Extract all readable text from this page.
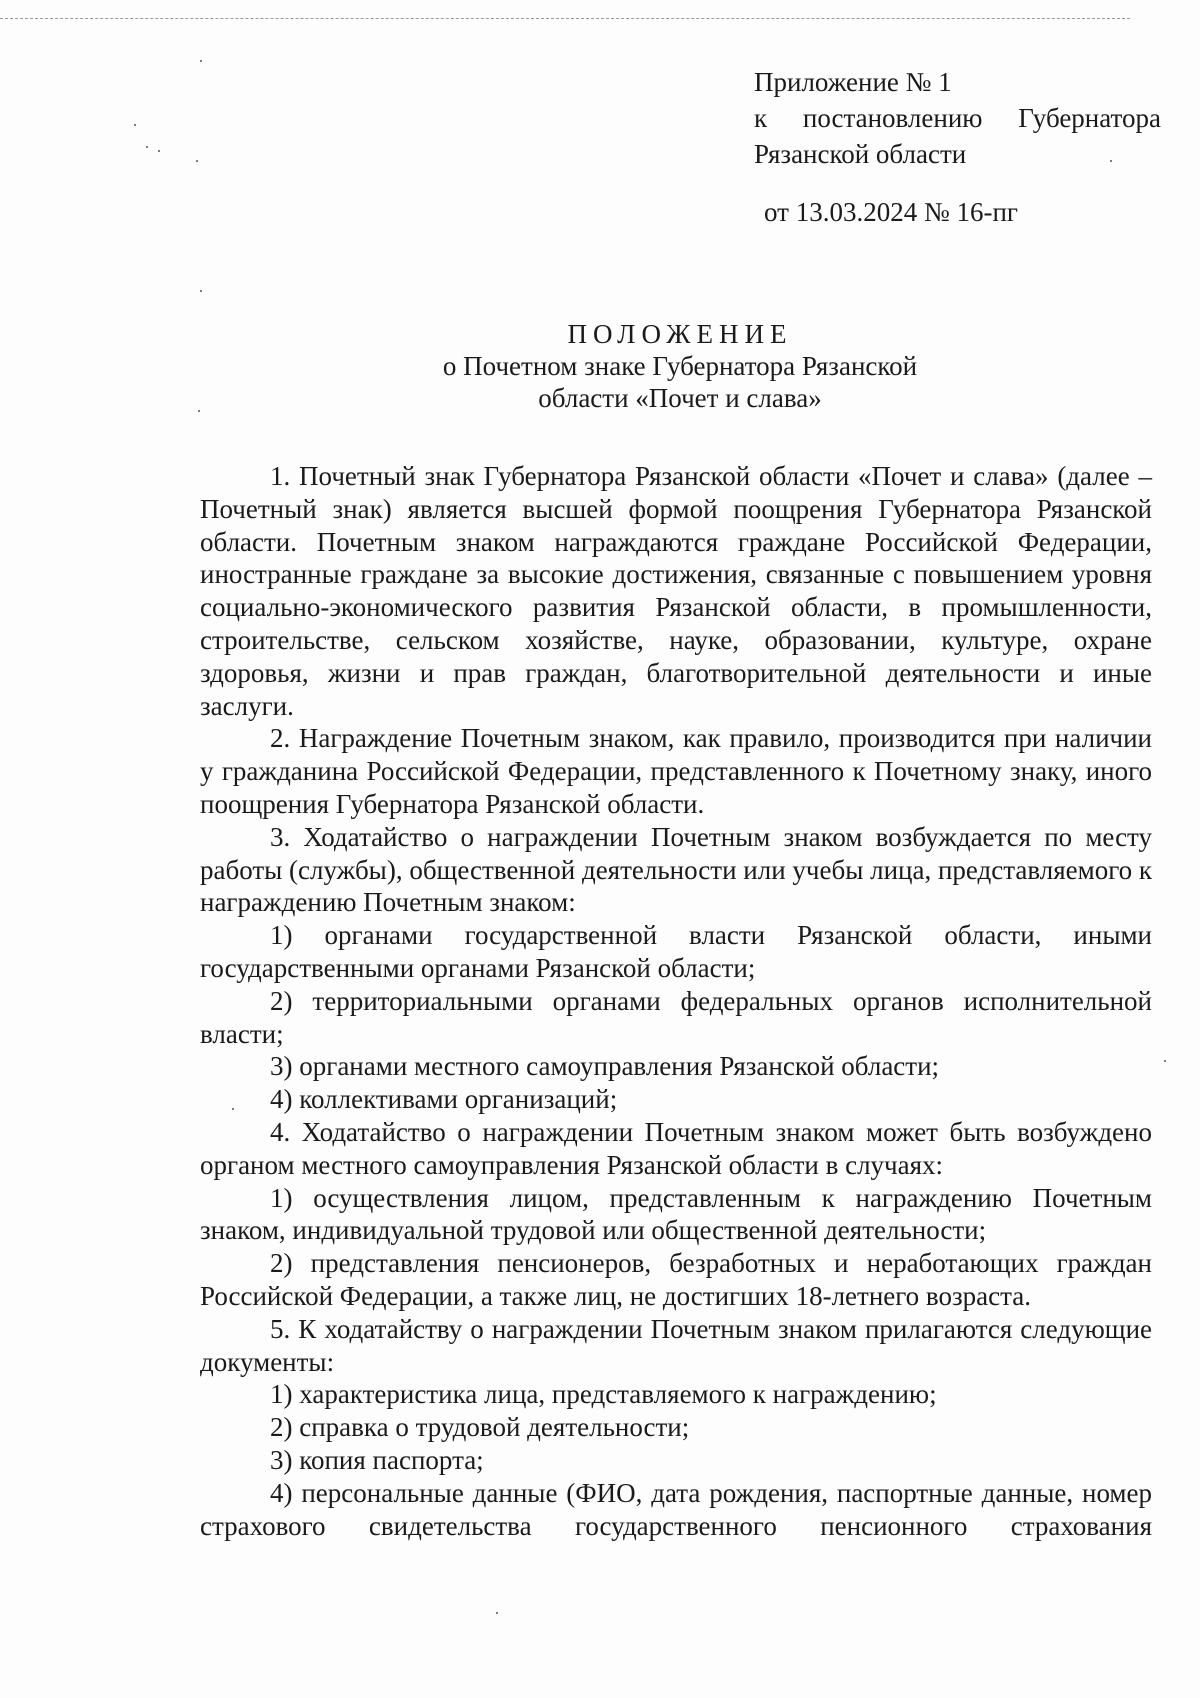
Приложение № 1
к постановлению Губернатора
Рязанской области
от 13.03.2024 № 16-пг
ПОЛОЖЕНИЕ
о Почетном знаке Губернатора Рязанской
области «Почет и слава»

1. Почетный знак Губернатора Рязанской области «Почет и слава» (далее – Почетный знак) является высшей формой поощрения Губернатора Рязанской области. Почетным знаком награждаются граждане Российской Федерации, иностранные граждане за высокие достижения, связанные с повышением уровня социально-экономического развития Рязанской области, в промышленности, строительстве, сельском хозяйстве, науке, образовании, культуре, охране здоровья, жизни и прав граждан, благотворительной деятельности и иные заслуги.

2. Награждение Почетным знаком, как правило, производится при наличии у гражданина Российской Федерации, представленного к Почетному знаку, иного поощрения Губернатора Рязанской области.

3. Ходатайство о награждении Почетным знаком возбуждается по месту работы (службы), общественной деятельности или учебы лица, представляемого к награждению Почетным знаком:

1) органами государственной власти Рязанской области, иными государственными органами Рязанской области;

2) территориальными органами федеральных органов исполнительной власти;

3) органами местного самоуправления Рязанской области;

4) коллективами организаций;

4. Ходатайство о награждении Почетным знаком может быть возбуждено органом местного самоуправления Рязанской области в случаях:

1) осуществления лицом, представленным к награждению Почетным знаком, индивидуальной трудовой или общественной деятельности;

2) представления пенсионеров, безработных и неработающих граждан Российской Федерации, а также лиц, не достигших 18-летнего возраста.

5. К ходатайству о награждении Почетным знаком прилагаются следующие документы:

1) характеристика лица, представляемого к награждению;

2) справка о трудовой деятельности;

3) копия паспорта;

4) персональные данные (ФИО, дата рождения, паспортные данные, номер страхового свидетельства государственного пенсионного страхования
